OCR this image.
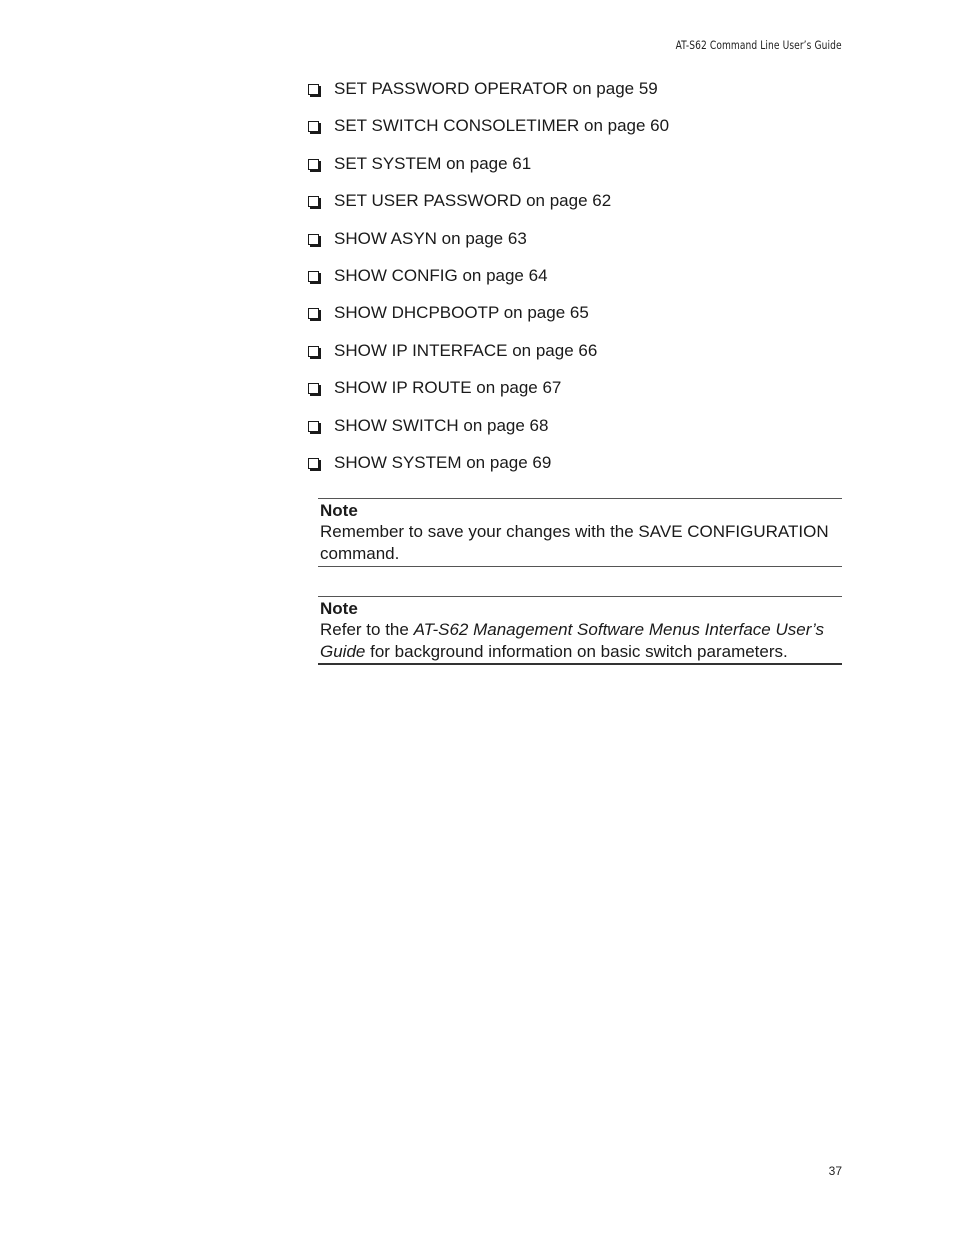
AT-S62 Command Line User’s Guide
SET PASSWORD OPERATOR on page 59
SET SWITCH CONSOLETIMER on page 60
SET SYSTEM on page 61
SET USER PASSWORD on page 62
SHOW ASYN on page 63
SHOW CONFIG on page 64
SHOW DHCPBOOTP on page 65
SHOW IP INTERFACE on page 66
SHOW IP ROUTE on page 67
SHOW SWITCH on page 68
SHOW SYSTEM on page 69
Note
Remember to save your changes with the SAVE CONFIGURATION command.
Note
Refer to the AT-S62 Management Software Menus Interface User’s Guide for background information on basic switch parameters.
37
